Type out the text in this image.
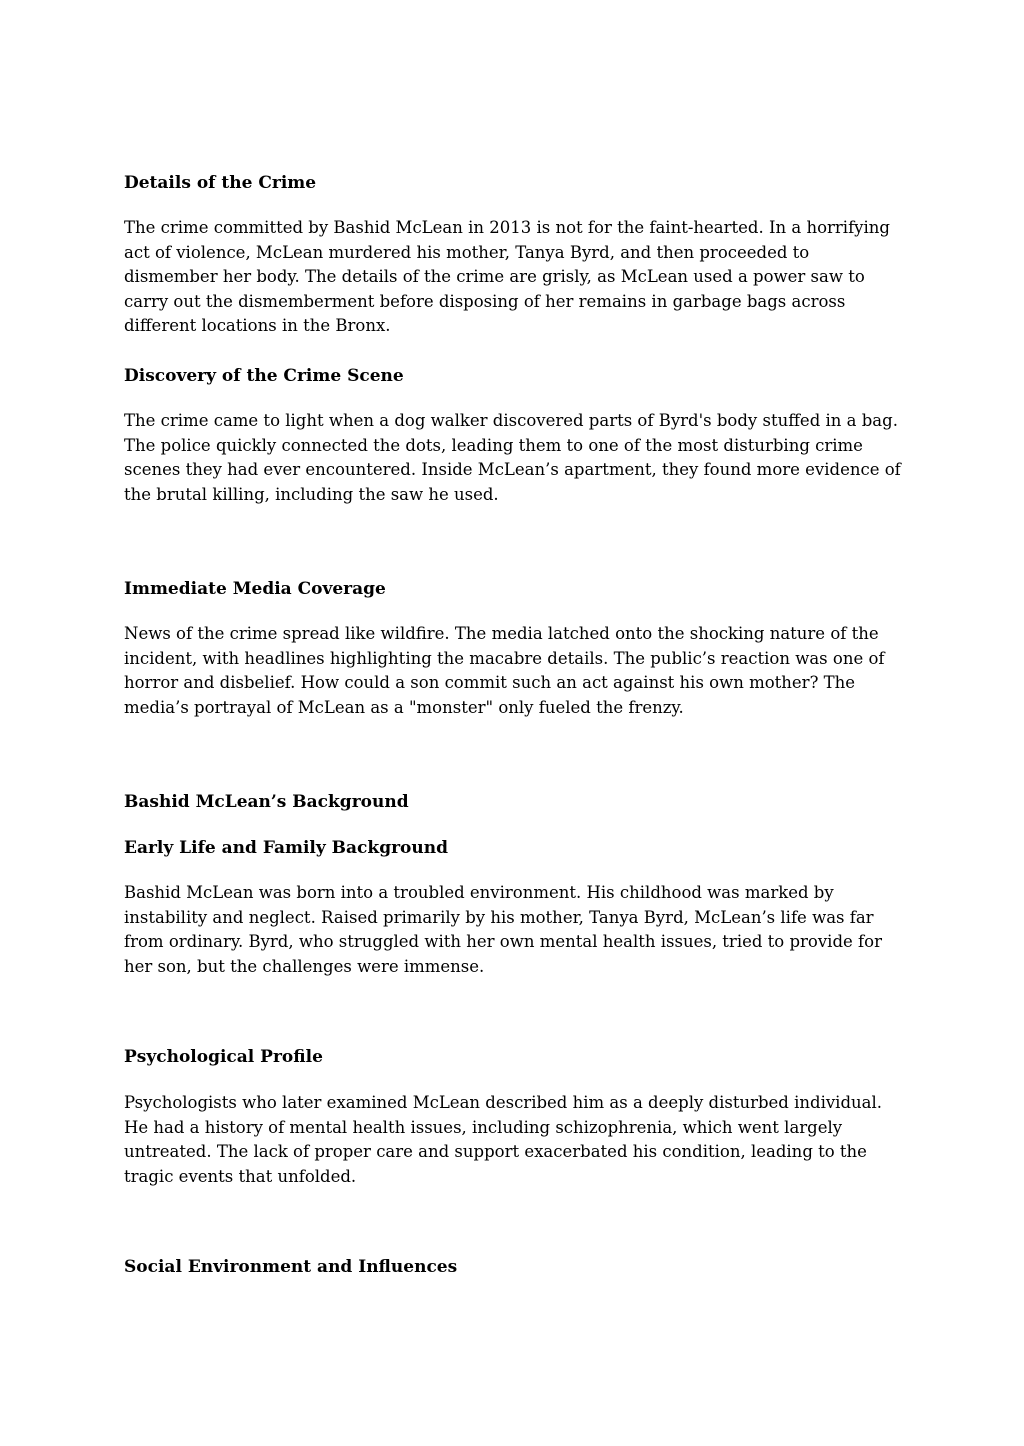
Details of the Crime

The crime committed by Bashid McLean in 2013 is not for the faint-hearted. In a horrifying
act of violence, McLean murdered his mother, Tanya Byrd, and then proceeded to
dismember her body. The details of the crime are grisly, as McLean used a power saw to
carry out the dismemberment before disposing of her remains in garbage bags across
different locations in the Bronx.

Discovery of the Crime Scene

The crime came to light when a dog walker discovered parts of Byrd's body stuffed in a bag.
The police quickly connected the dots, leading them to one of the most disturbing crime
scenes they had ever encountered. Inside McLean’s apartment, they found more evidence of
the brutal killing, including the saw he used.

Immediate Media Coverage

News of the crime spread like wildfire. The media latched onto the shocking nature of the
incident, with headlines highlighting the macabre details. The public’s reaction was one of
horror and disbelief. How could a son commit such an act against his own mother? The
media’s portrayal of McLean as a "monster" only fueled the frenzy.

Bashid McLean’s Background
Early Life and Family Background

Bashid McLean was born into a troubled environment. His childhood was marked by
instability and neglect. Raised primarily by his mother, Tanya Byrd, McLean’s life was far
from ordinary. Byrd, who struggled with her own mental health issues, tried to provide for
her son, but the challenges were immense.

Psychological Profile

Psychologists who later examined McLean described him as a deeply disturbed individual.
He had a history of mental health issues, including schizophrenia, which went largely
untreated. The lack of proper care and support exacerbated his condition, leading to the
tragic events that unfolded.

Social Environment and Influences
